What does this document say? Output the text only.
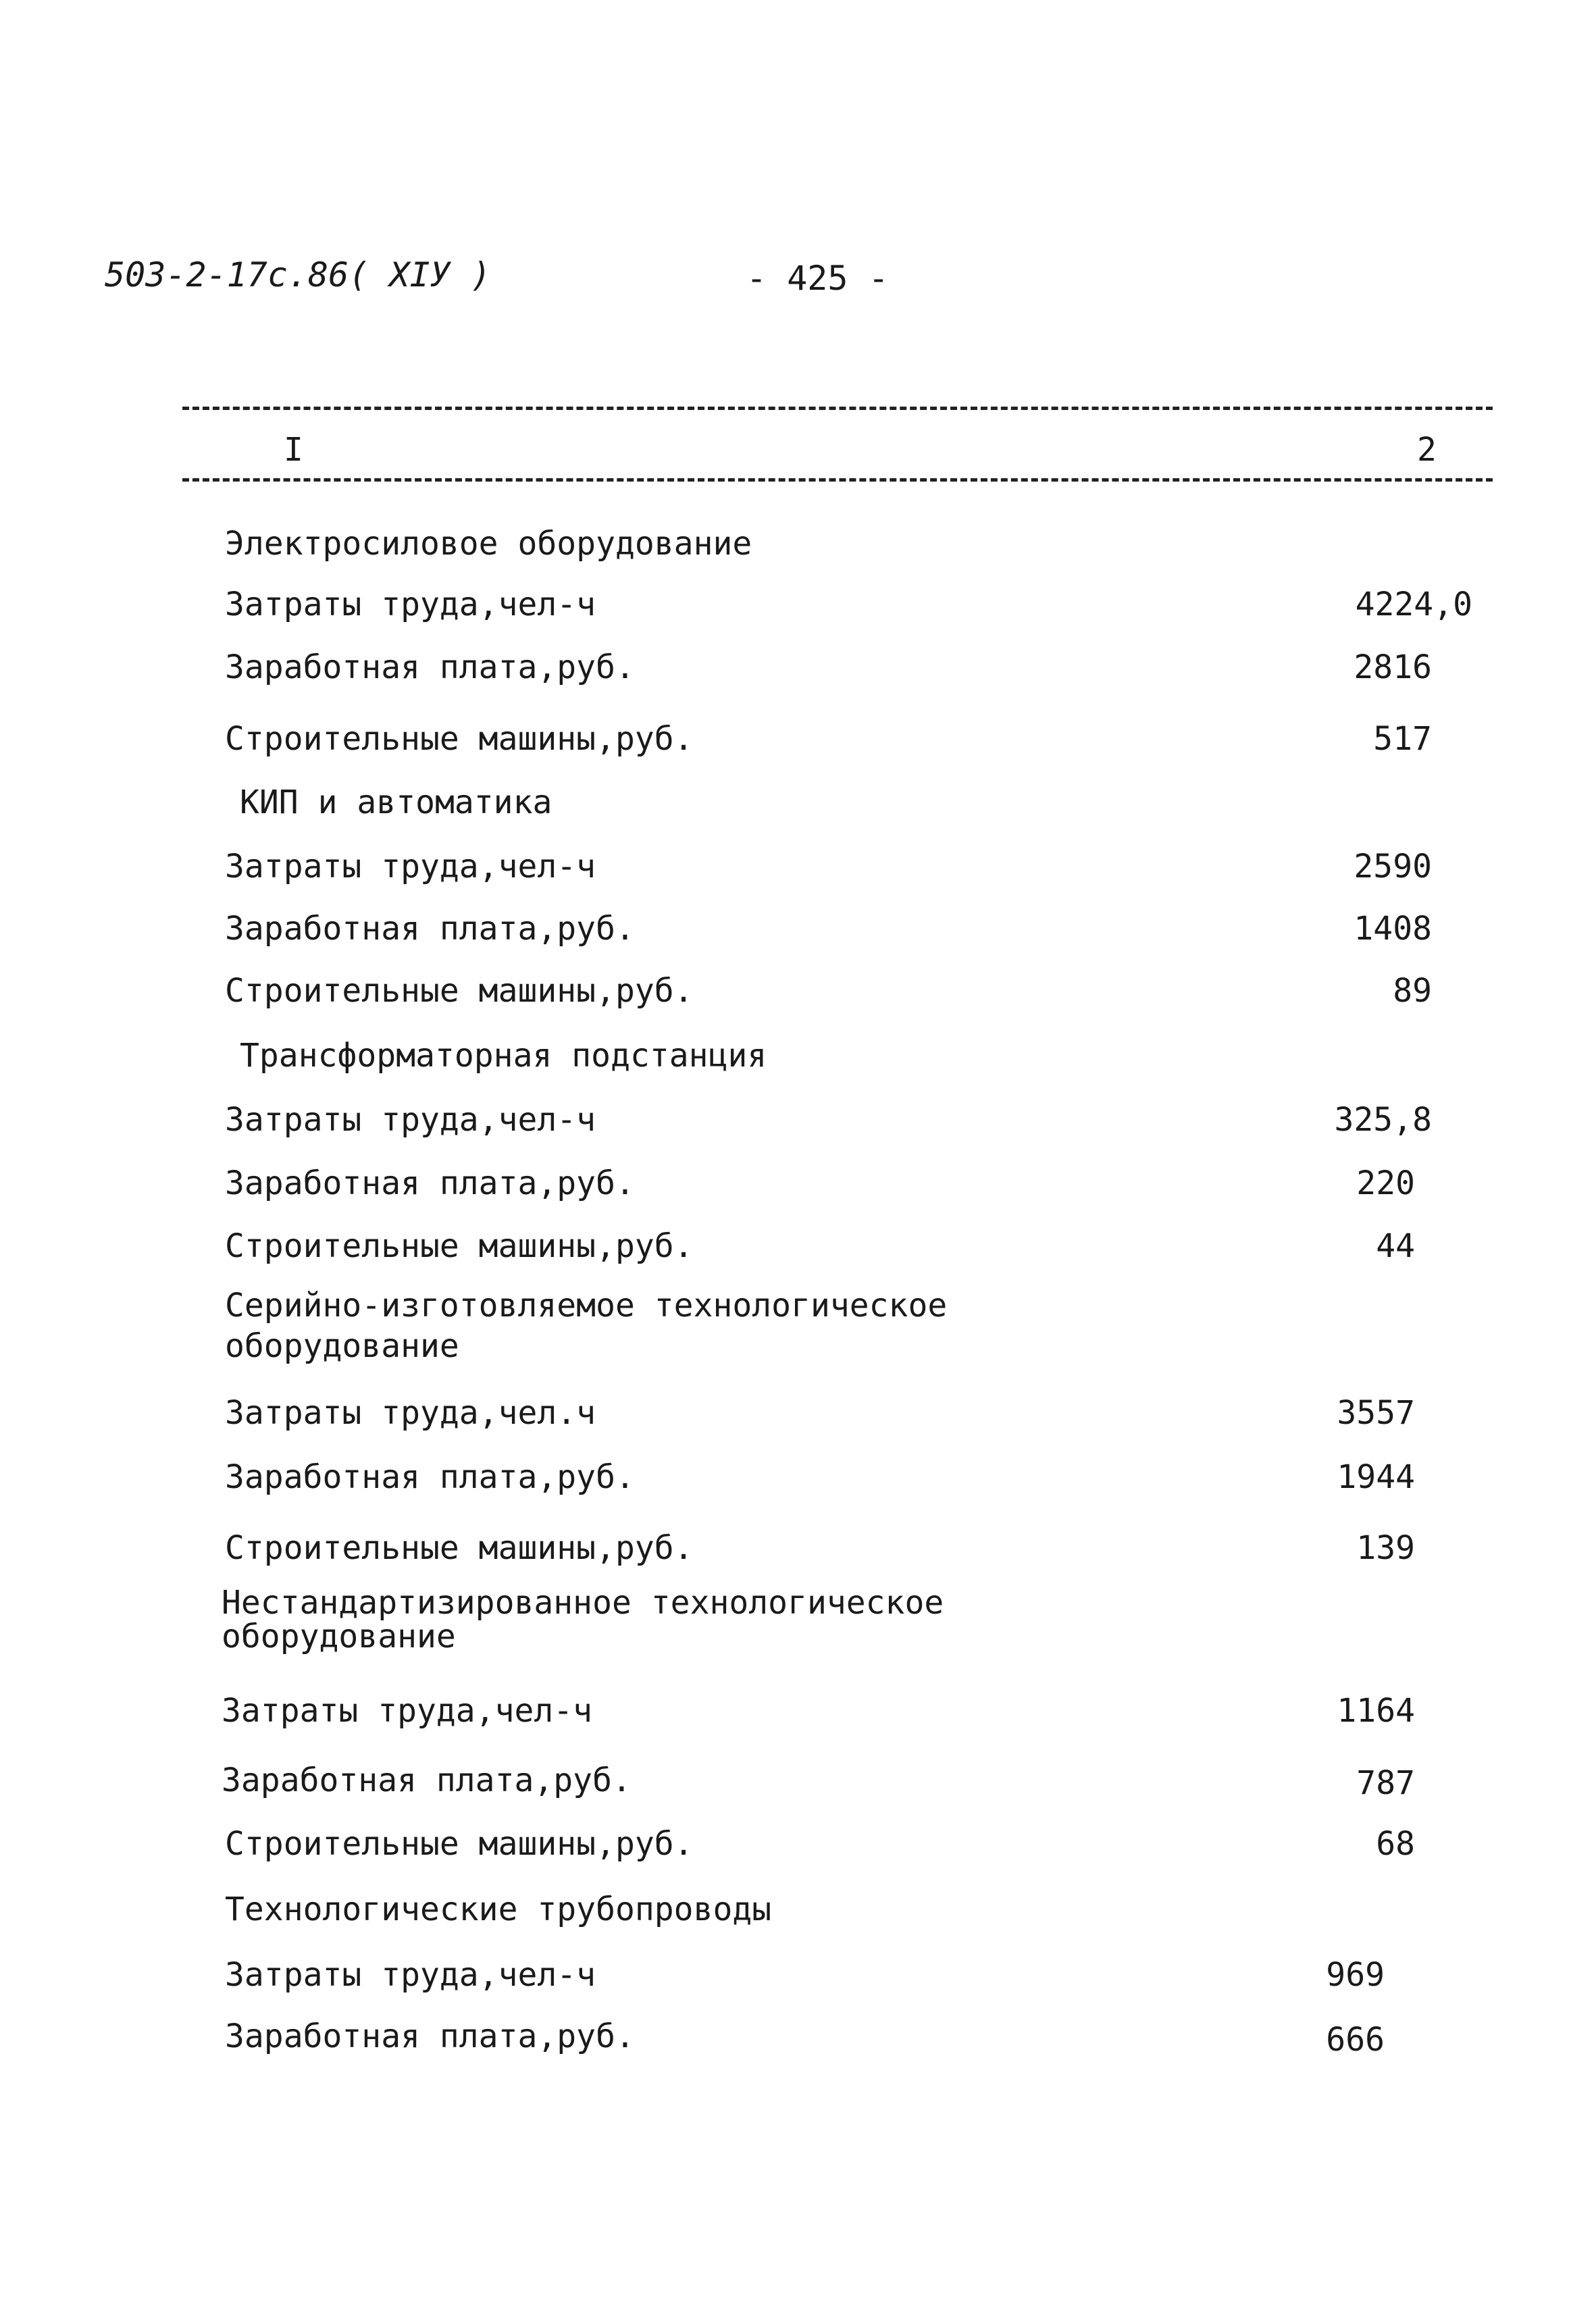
503-2-17с.86( XIУ )	- 425 -
I	2
Электросиловое оборудование
Затраты труда,чел-ч	4224,0
Заработная плата,руб.	2816
Строительные машины,руб.	517
КИП и автоматика
Затраты труда,чел-ч	2590
Заработная плата,руб.	1408
Строительные машины,руб.	89
Трансформаторная подстанция
Затраты труда,чел-ч	325,8
Заработная плата,руб.	220
Строительные машины,руб.	44
Серийно-изготовляемое технологическое
оборудование
Затраты труда,чел.ч	3557
Заработная плата,руб.	1944
Строительные машины,руб.	139
Нестандартизированное технологическое
оборудование
Затраты труда,чел-ч	1164
Заработная плата,руб.	787
Строительные машины,руб.	68
Технологические трубопроводы
Затраты труда,чел-ч	969
Заработная плата,руб.	666
